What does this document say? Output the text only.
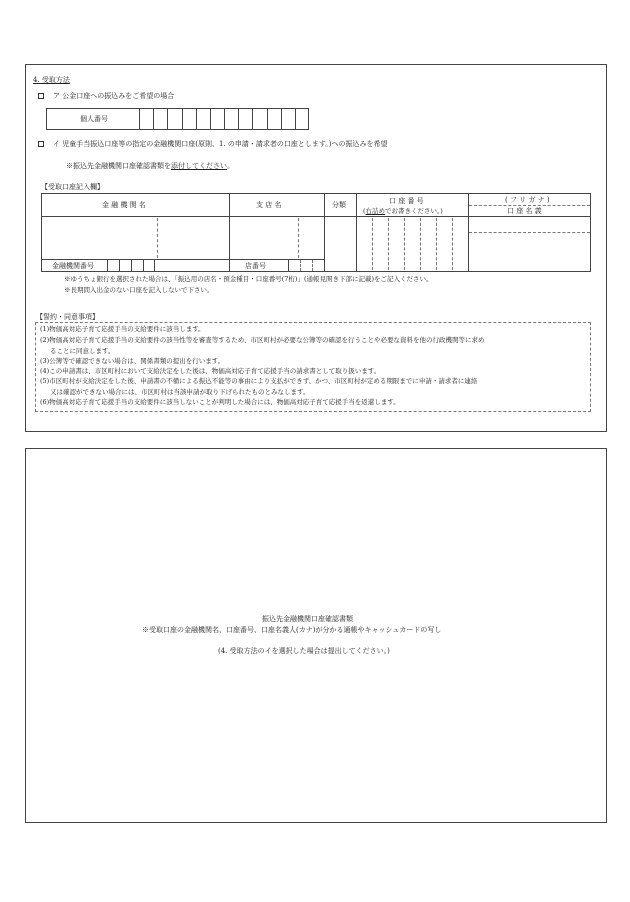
4. 受取方法
ア 公金口座への振込みをご希望の場合
個人番号
イ 児童手当振込口座等の指定の金融機関口座(原則、1. の申請・請求者の口座とします。)への振込みを希望
※振込先金融機関口座確認書類を添付してください。
【受取口座記入欄】
金 融 機 関 名	支 店 名	分類	口 座 番 号
(右詰めでお書きください。)
( フ リ ガ ナ )
口 座 名 義
金融機関番号	店番号
※ゆうちょ銀行を選択された場合は、「振込用の店名・預金種目・口座番号(7桁)」(通帳見開き下部に記載)をご記入ください。
※長期間入出金のない口座を記入しないで下さい。
【誓約・同意事項】
(1)物価高対応子育て応援手当の支給要件に該当します。
(2)物価高対応子育て応援手当の支給要件の該当性等を審査等するため、市区町村が必要な公簿等の確認を行うことや必要な資料を他の行政機関等に求め
ることに同意します。
(3)公簿等で確認できない場合は、関係書類の提出を行います。
(4)この申請書は、市区町村において支給決定をした後は、物価高対応子育て応援手当の請求書として取り扱います。
(5)市区町村が支給決定をした後、申請書の不備による振込不能等の事由により支払ができず、かつ、市区町村が定める期限までに申請・請求者に連絡
又は確認ができない場合には、市区町村は当該申請が取り下げられたものとみなします。
(6)物価高対応子育て応援手当の支給要件に該当しないことが判明した場合には、物価高対応子育て応援手当を返還します。
振込先金融機関口座確認書類
※受取口座の金融機関名、口座番号、口座名義人(カナ)が分かる通帳やキャッシュカードの写し
(4. 受取方法のイを選択した場合は提出してください。)
